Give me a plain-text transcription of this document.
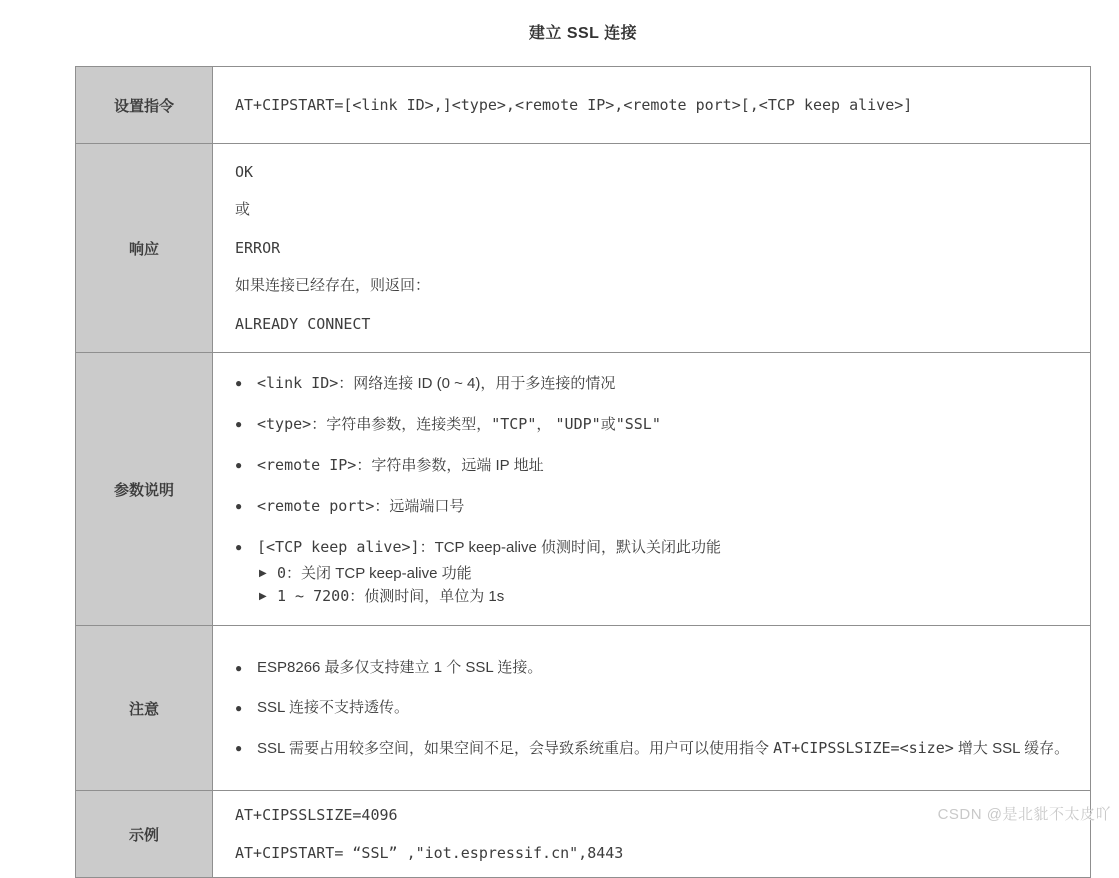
建立 SSL 连接
设置指令	AT+CIPSTART=[<link ID>,]<type>,<remote IP>,<remote port>[,<TCP keep alive>]
响应	OK
或
ERROR
如果连接已经存在，则返回：
ALREADY CONNECT

参数说明	
● <link ID>：网络连接 ID (0 ~ 4)，用于多连接的情况
● <type>：字符串参数，连接类型，"TCP"， "UDP"或"SSL"
● <remote IP>：字符串参数，远端 IP 地址
● <remote port>：远端端口号
● [<TCP keep alive>]：TCP keep-alive 侦测时间，默认关闭此功能
▶ 0：关闭 TCP keep-alive 功能
▶ 1 ~ 7200：侦测时间，单位为 1s

注意	
● ESP8266 最多仅支持建立 1 个 SSL 连接。
● SSL 连接不支持透传。
● SSL 需要占用较多空间，如果空间不足，会导致系统重启。用户可以使用指令 AT+CIPSSLSIZE=<size> 增大 SSL 缓存。

示例	AT+CIPSSLSIZE=4096
AT+CIPSTART= “SSL” ,"iot.espressif.cn",8443
CSDN @是北豼不太皮吖
